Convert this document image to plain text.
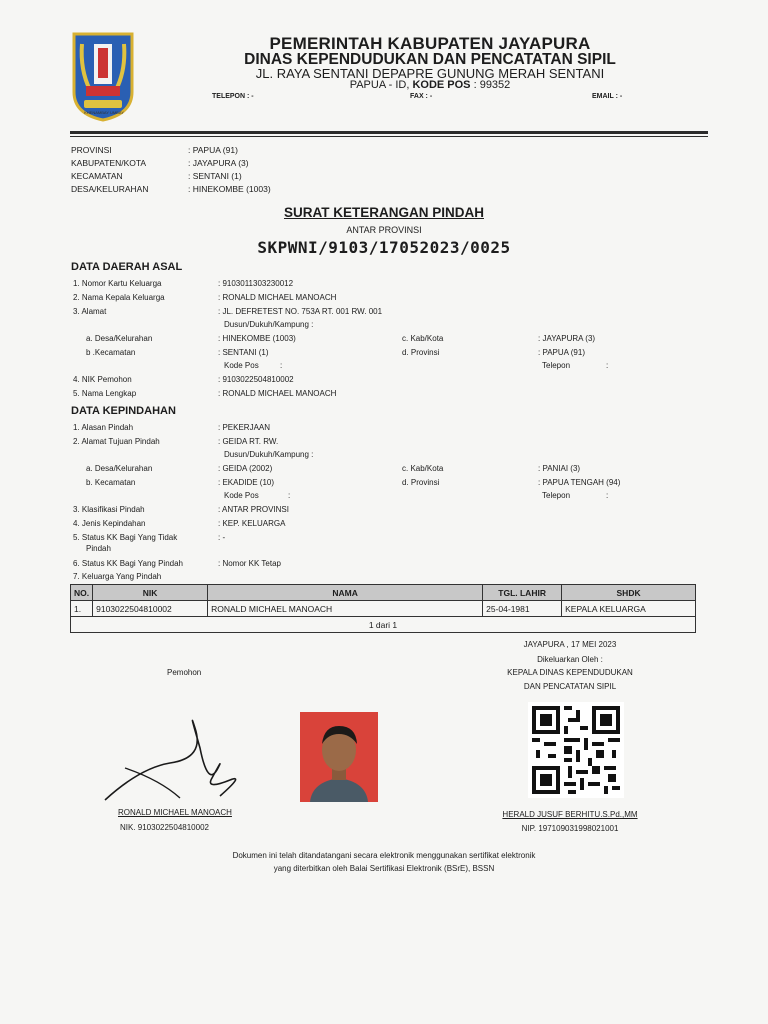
KHENAMBAY UMBAY
PEMERINTAH KABUPATEN JAYAPURA
DINAS KEPENDUDUKAN DAN PENCATATAN SIPIL
JL. RAYA SENTANI DEPAPRE GUNUNG MERAH SENTANI
PAPUA - ID, KODE POS : 99352
TELEPON : -	FAX : -	EMAIL : -
PROVINSI	: PAPUA (91)
KABUPATEN/KOTA	: JAYAPURA (3)
KECAMATAN	: SENTANI (1)
DESA/KELURAHAN	: HINEKOMBE (1003)
SURAT KETERANGAN PINDAH
ANTAR PROVINSI
SKPWNI/9103/17052023/0025
DATA DAERAH ASAL
1. Nomor Kartu Keluarga	: 9103011303230012
2. Nama Kepala Keluarga	: RONALD MICHAEL MANOACH
3. Alamat	: JL. DEFRETEST NO. 753A RT. 001 RW. 001
Dusun/Dukuh/Kampung :
a. Desa/Kelurahan	: HINEKOMBE (1003)	c. Kab/Kota	: JAYAPURA (3)
b .Kecamatan	: SENTANI (1)	d. Provinsi	: PAPUA (91)
Kode Pos	:	Telepon	:
4. NIK Pemohon	: 9103022504810002
5. Nama Lengkap	: RONALD MICHAEL MANOACH
DATA KEPINDAHAN
1. Alasan Pindah	: PEKERJAAN
2. Alamat Tujuan Pindah	: GEIDA RT. RW.
Dusun/Dukuh/Kampung :
a. Desa/Kelurahan	: GEIDA (2002)	c. Kab/Kota	: PANIAI (3)
b. Kecamatan	: EKADIDE (10)	d. Provinsi	: PAPUA TENGAH (94)
Kode Pos	:	Telepon	:
3. Klasifikasi Pindah	: ANTAR PROVINSI
4. Jenis Kepindahan	: KEP. KELUARGA
5. Status KK Bagi Yang Tidak
Pindah
: -
6. Status KK Bagi Yang Pindah	: Nomor KK Tetap
7. Keluarga Yang Pindah
NO.	NIK	NAMA	TGL. LAHIR	SHDK
1.	9103022504810002	RONALD MICHAEL MANOACH	25-04-1981	KEPALA KELUARGA
1 dari 1				
JAYAPURA , 17 MEI 2023
Dikeluarkan Oleh :
KEPALA DINAS KEPENDUDUKAN
DAN PENCATATAN SIPIL
Pemohon
RONALD MICHAEL MANOACH
NIK. 9103022504810002
HERALD JUSUF BERHITU.S.Pd.,MM
NIP. 197109031998021001
Dokumen ini telah ditandatangani secara elektronik menggunakan sertifikat elektronik
yang diterbitkan oleh Balai Sertifikasi Elektronik (BSrE), BSSN
